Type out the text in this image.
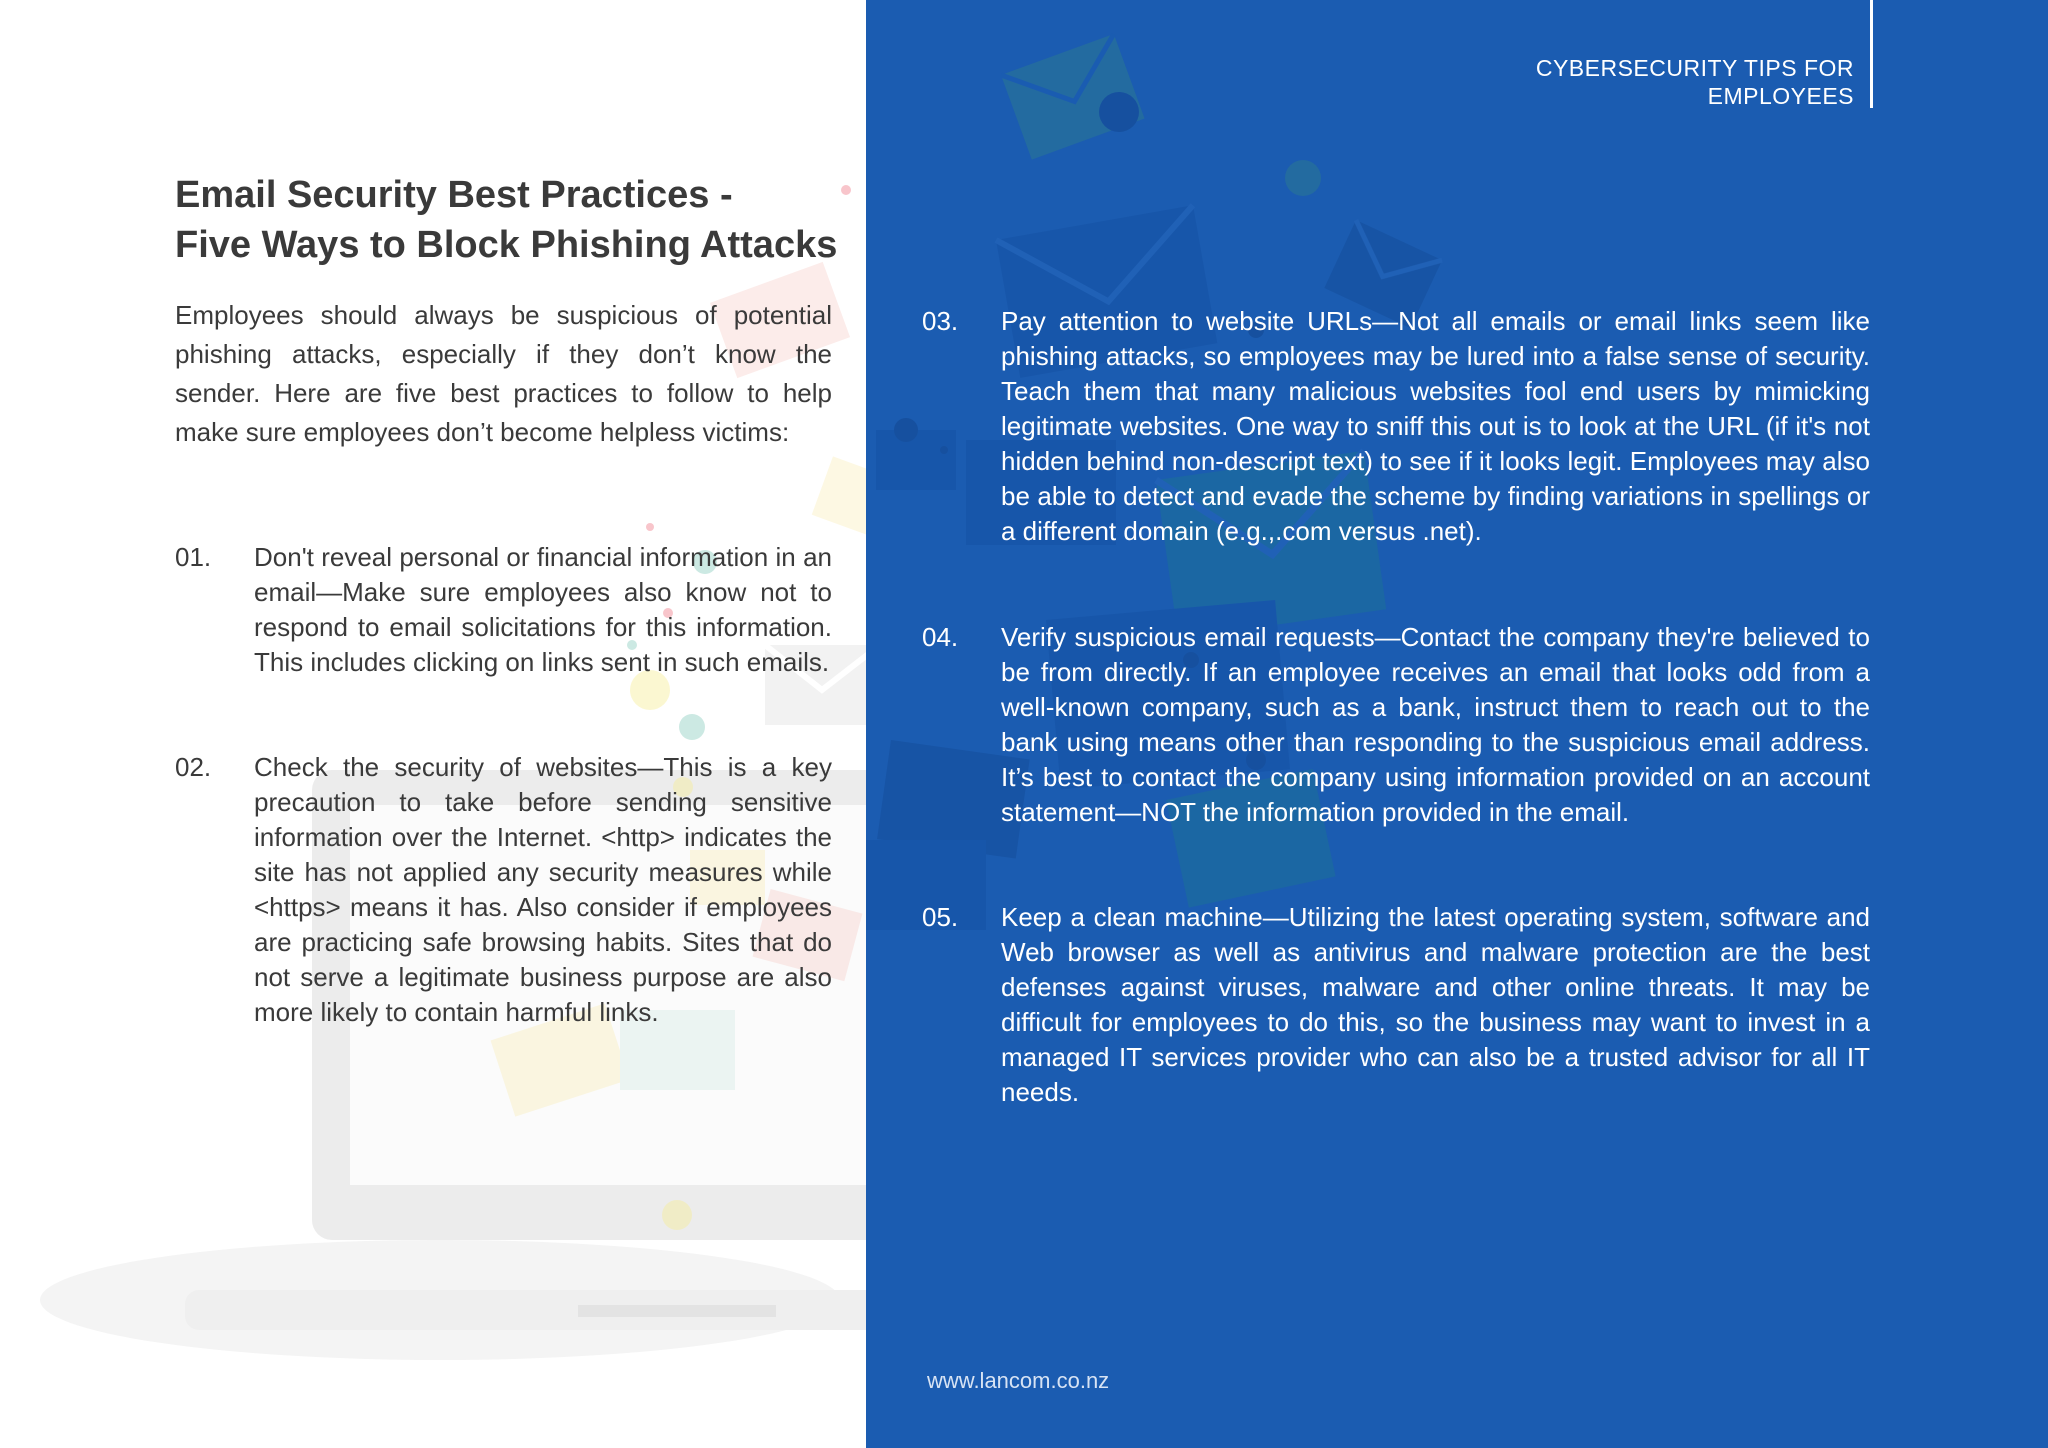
CYBERSECURITY TIPS FOR EMPLOYEES
Email Security Best Practices -
Five Ways to Block Phishing Attacks

Employees should always be suspicious of potential phishing attacks, especially if they don’t know the sender. Here are five best practices to follow to help make sure employees don’t become helpless victims:

01.	Don't reveal personal or financial information in an email—Make sure employees also know not to respond to email solicitations for this information. This includes clicking on links sent in such emails.
02.	Check the security of websites—This is a key precaution to take before sending sensitive information over the Internet. <http> indicates the site has not applied any security measures while <https> means it has. Also consider if employees are practicing safe browsing habits. Sites that do not serve a legitimate business purpose are also more likely to contain harmful links.
03.	Pay attention to website URLs—Not all emails or email links seem like phishing attacks, so employees may be lured into a false sense of security. Teach them that many malicious websites fool end users by mimicking legitimate websites. One way to sniff this out is to look at the URL (if it's not hidden behind non-descript text) to see if it looks legit. Employees may also be able to detect and evade the scheme by finding variations in spellings or a different domain (e.g.,.com versus .net).
04.	Verify suspicious email requests—Contact the company they're believed to be from directly. If an employee receives an email that looks odd from a well-known company, such as a bank, instruct them to reach out to the bank using means other than responding to the suspicious email address. It’s best to contact the company using information provided on an account statement—NOT the information provided in the email.
05.	Keep a clean machine—Utilizing the latest operating system, software and Web browser as well as antivirus and malware protection are the best defenses against viruses, malware and other online threats. It may be difficult for employees to do this, so the business may want to invest in a managed IT services provider who can also be a trusted advisor for all IT needs.
www.lancom.co.nz
